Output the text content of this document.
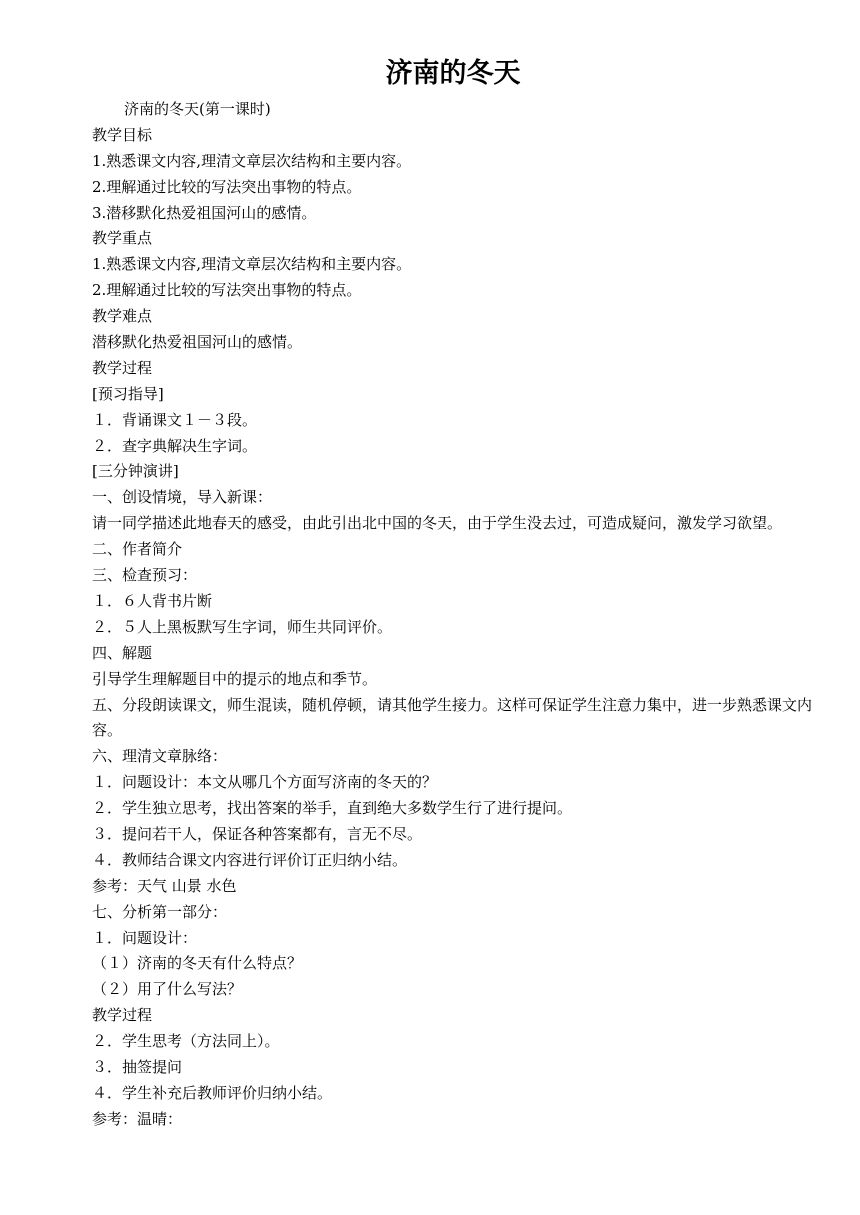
济南的冬天
济南的冬天(第一课时)
教学目标
1.熟悉课文内容,理清文章层次结构和主要内容。
2.理解通过比较的写法突出事物的特点。
3.潜移默化热爱祖国河山的感情。
教学重点
1.熟悉课文内容,理清文章层次结构和主要内容。
2.理解通过比较的写法突出事物的特点。
教学难点
潜移默化热爱祖国河山的感情。
教学过程
[预习指导]
１．背诵课文１－３段。
２．查字典解决生字词。
[三分钟演讲]
一、创设情境，导入新课：
请一同学描述此地春天的感受，由此引出北中国的冬天，由于学生没去过，可造成疑问，激发学习欲望。
二、作者简介
三、检查预习：
１．６人背书片断
２．５人上黑板默写生字词，师生共同评价。
四、解题
引导学生理解题目中的提示的地点和季节。
五、分段朗读课文，师生混读，随机停顿，请其他学生接力。这样可保证学生注意力集中，进一步熟悉课文内容。
六、理清文章脉络：
１．问题设计：本文从哪几个方面写济南的冬天的？
２．学生独立思考，找出答案的举手，直到绝大多数学生行了进行提问。
３．提问若干人，保证各种答案都有，言无不尽。
４．教师结合课文内容进行评价订正归纳小结。
参考：天气 山景 水色
七、分析第一部分：
１．问题设计：
（１）济南的冬天有什么特点？
（２）用了什么写法？
教学过程
２．学生思考（方法同上）。
３．抽签提问
４．学生补充后教师评价归纳小结。
参考：温晴：
